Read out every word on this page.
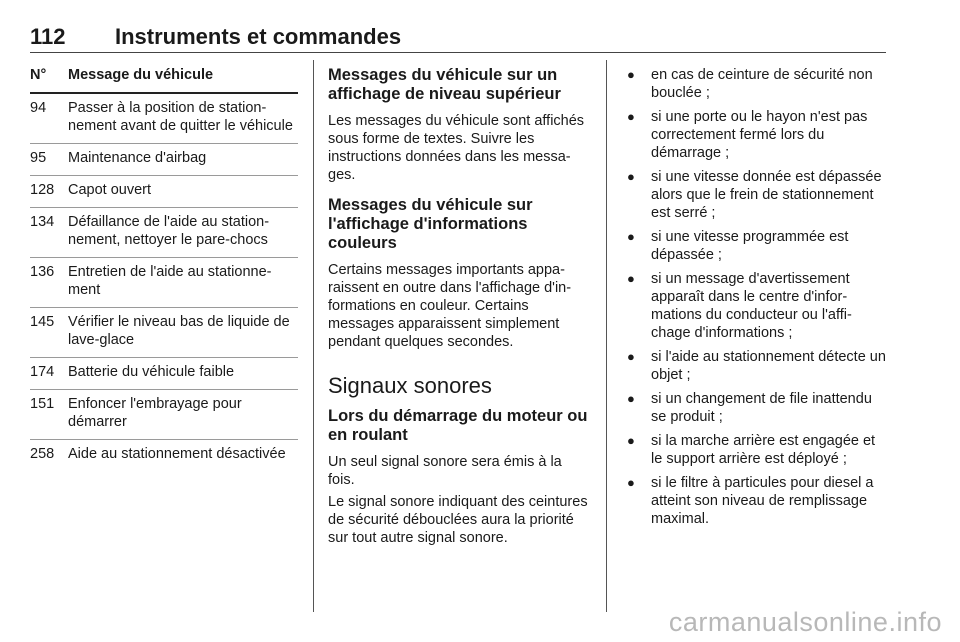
112 Instruments et commandes
N°	Message du véhicule
94	Passer à la position de stationnement avant de quitter le véhicule
95	Maintenance d'airbag
128 Capot ouvert
134 Défaillance de l'aide au stationnement, nettoyer le pare-chocs
136 Entretien de l'aide au stationnement
145 Vérifier le niveau bas de liquide de lave-glace
174 Batterie du véhicule faible
151 Enfoncer l'embrayage pour démarrer
258 Aide au stationnement désactivée
Messages du véhicule sur un affichage de niveau supérieur

Les messages du véhicule sont affichés sous forme de textes. Suivre les instructions données dans les messages.

Messages du véhicule sur l'affichage d'informations couleurs

Certains messages importants apparaissent en outre dans l'affichage d'informations en couleur. Certains messages apparaissent simplement pendant quelques secondes.

Signaux sonores
Lors du démarrage du moteur ou en roulant

Un seul signal sonore sera émis à la fois.

Le signal sonore indiquant des ceintures de sécurité débouclées aura la priorité sur tout autre signal sonore.

● en cas de ceinture de sécurité non bouclée ;
● si une porte ou le hayon n'est pas correctement fermé lors du démarrage ;
● si une vitesse donnée est dépassée alors que le frein de stationnement est serré ;
● si une vitesse programmée est dépassée ;
● si un message d'avertissement apparaît dans le centre d'informations du conducteur ou l'affichage d'informations ;
● si l'aide au stationnement détecte un objet ;
● si un changement de file inattendu se produit ;
● si la marche arrière est engagée et le support arrière est déployé ;
● si le filtre à particules pour diesel a atteint son niveau de remplissage maximal.
carmanualsonline.info
